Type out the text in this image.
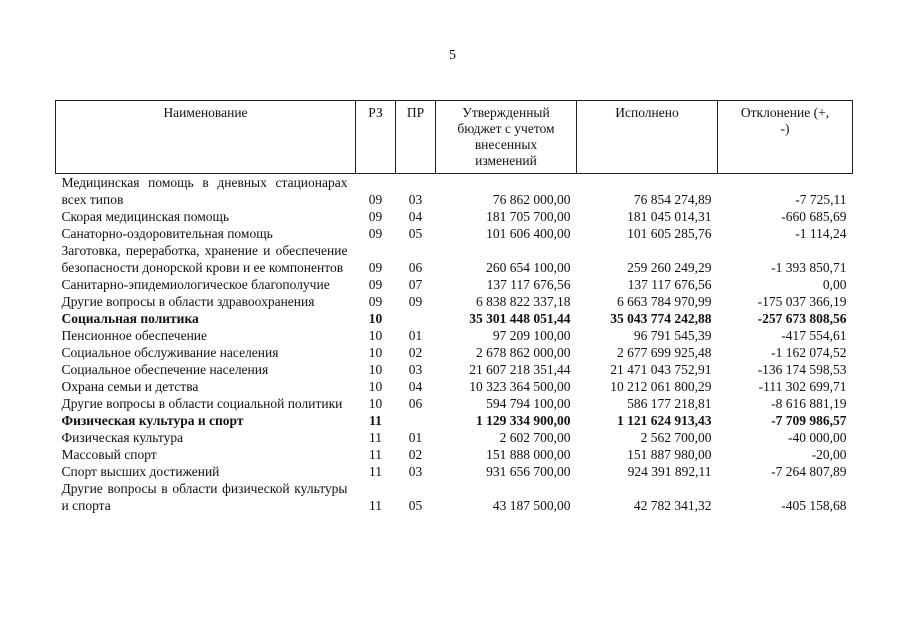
5
Наименование	РЗ	ПР	Утвержденный бюджет с учетом внесенных изменений	Исполнено	Отклонение (+, -)
Медицинская помощь в дневных стационарах всех типов	09	03	76 862 000,00	76 854 274,89	-7 725,11
Скорая медицинская помощь	09	04	181 705 700,00	181 045 014,31	-660 685,69
Санаторно-оздоровительная помощь	09	05	101 606 400,00	101 605 285,76	-1 114,24
Заготовка, переработка, хранение и обеспечение безопасности донорской крови и ее компонентов	09	06	260 654 100,00	259 260 249,29	-1 393 850,71
Санитарно-эпидемиологическое благополучие	09	07	137 117 676,56	137 117 676,56	0,00
Другие вопросы в области здравоохранения	09	09	6 838 822 337,18	6 663 784 970,99	-175 037 366,19
Социальная политика	10		35 301 448 051,44	35 043 774 242,88	-257 673 808,56
Пенсионное обеспечение	10	01	97 209 100,00	96 791 545,39	-417 554,61
Социальное обслуживание населения	10	02	2 678 862 000,00	2 677 699 925,48	-1 162 074,52
Социальное обеспечение населения	10	03	21 607 218 351,44	21 471 043 752,91	-136 174 598,53
Охрана семьи и детства	10	04	10 323 364 500,00	10 212 061 800,29	-111 302 699,71
Другие вопросы в области социальной политики	10	06	594 794 100,00	586 177 218,81	-8 616 881,19
Физическая культура и спорт	11		1 129 334 900,00	1 121 624 913,43	-7 709 986,57
Физическая культура	11	01	2 602 700,00	2 562 700,00	-40 000,00
Массовый спорт	11	02	151 888 000,00	151 887 980,00	-20,00
Спорт высших достижений	11	03	931 656 700,00	924 391 892,11	-7 264 807,89
Другие вопросы в области физической культуры и спорта	11	05	43 187 500,00	42 782 341,32	-405 158,68
